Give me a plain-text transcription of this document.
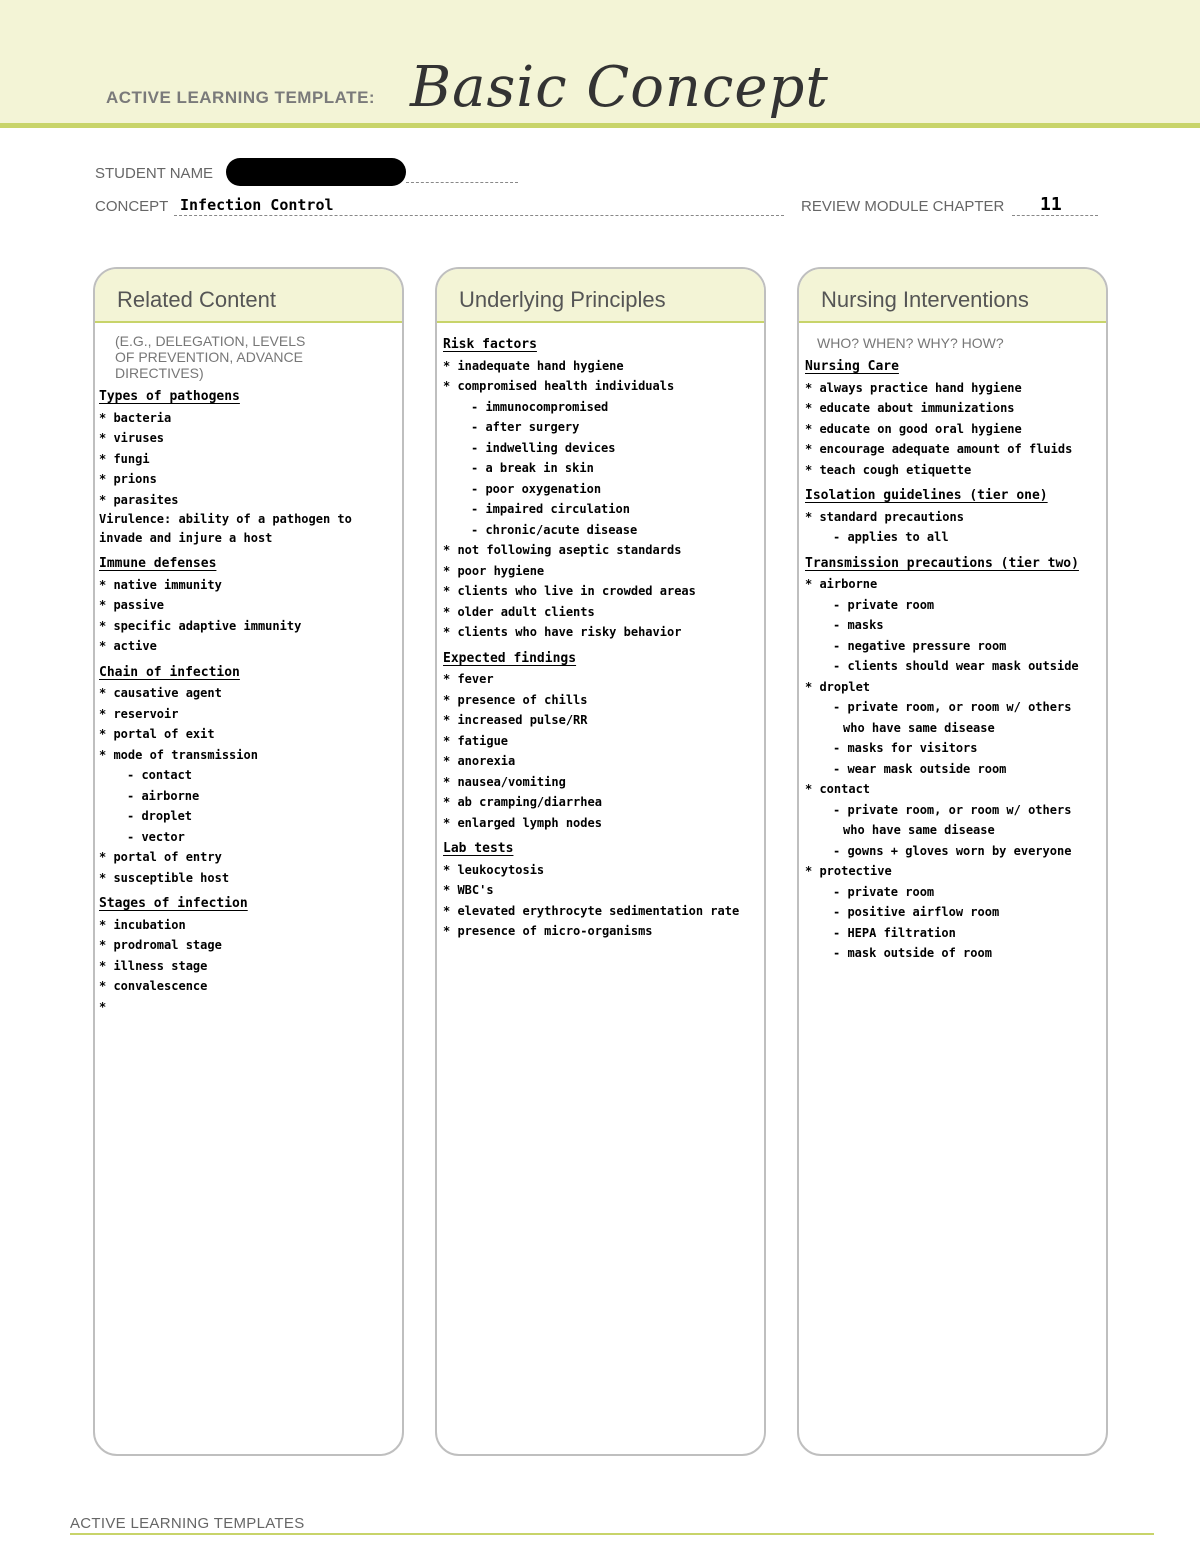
ACTIVE LEARNING TEMPLATE: Basic Concept
STUDENT NAME
CONCEPT Infection Control	REVIEW MODULE CHAPTER 11
Related Content
(E.G., DELEGATION, LEVELS OF PREVENTION, ADVANCE DIRECTIVES)
Types of pathogens
* bacteria
* viruses
* fungi
* prions
* parasites
Virulence: ability of a pathogen to invade and injure a host
Immune defenses
* native immunity
* passive
* specific adaptive immunity
* active
Chain of infection
* causative agent
* reservoir
* portal of exit
* mode of transmission
- contact
- airborne
- droplet
- vector
* portal of entry
* susceptible host
Stages of infection
* incubation
* prodromal stage
* illness stage
* convalescence
*
Underlying Principles
Risk factors
* inadequate hand hygiene
* compromised health individuals
- immunocompromised
- after surgery
- indwelling devices
- a break in skin
- poor oxygenation
- impaired circulation
- chronic/acute disease
* not following aseptic standards
* poor hygiene
* clients who live in crowded areas
* older adult clients
* clients who have risky behavior
Expected findings
* fever
* presence of chills
* increased pulse/RR
* fatigue
* anorexia
* nausea/vomiting
* ab cramping/diarrhea
* enlarged lymph nodes
Lab tests
* leukocytosis
* WBC's
* elevated erythrocyte sedimentation rate
* presence of micro-organisms
Nursing Interventions
WHO? WHEN? WHY? HOW?
Nursing Care
* always practice hand hygiene
* educate about immunizations
* educate on good oral hygiene
* encourage adequate amount of fluids
* teach cough etiquette
Isolation guidelines (tier one)
* standard precautions
- applies to all
Transmission precautions (tier two)
* airborne
- private room
- masks
- negative pressure room
- clients should wear mask outside
* droplet
- private room, or room w/ others
who have same disease
- masks for visitors
- wear mask outside room
* contact
- private room, or room w/ others
who have same disease
- gowns + gloves worn by everyone
* protective
- private room
- positive airflow room
- HEPA filtration
- mask outside of room
ACTIVE LEARNING TEMPLATES
